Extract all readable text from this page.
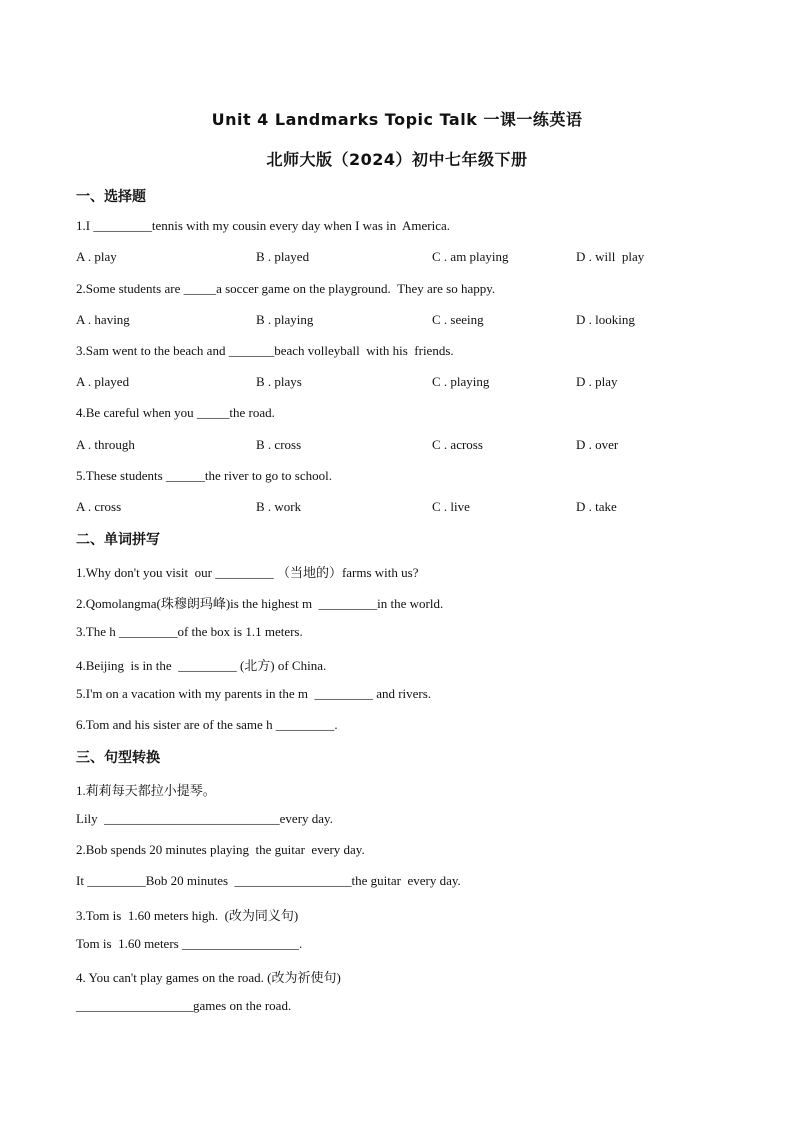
Unit 4 Landmarks Topic Talk 一课一练英语
北师大版（2024）初中七年级下册
一、选择题
1.I _________tennis with my cousin every day when I was in  America.
A . play	B . played	C . am playing	D . will  play
2.Some students are _____a soccer game on the playground.  They are so happy.
A . having	B . playing	C . seeing	D . looking
3.Sam went to the beach and _______beach volleyball  with his  friends.
A . played	B . plays	C . playing	D . play
4.Be careful when you _____the road.
A . through	B . cross	C . across	D . over
5.These students ______the river to go to school.
A . cross	B . work	C . live	D . take
二、单词拼写
1.Why don't you visit  our _________ （当地的）farms with us?
2.Qomolangma(珠穆朗玛峰)is the highest m  _________in the world.
3.The h _________of the box is 1.1 meters.
4.Beijing  is in the  _________ (北方) of China.
5.I'm on a vacation with my parents in the m  _________ and rivers.
6.Tom and his sister are of the same h _________.
三、句型转换
1.莉莉每天都拉小提琴。
Lily  ___________________________every day.
2.Bob spends 20 minutes playing  the guitar  every day.
It _________Bob 20 minutes  __________________the guitar  every day.
3.Tom is  1.60 meters high.  (改为同义句)
Tom is  1.60 meters __________________.
4. You can't play games on the road. (改为祈使句)
__________________games on the road.
